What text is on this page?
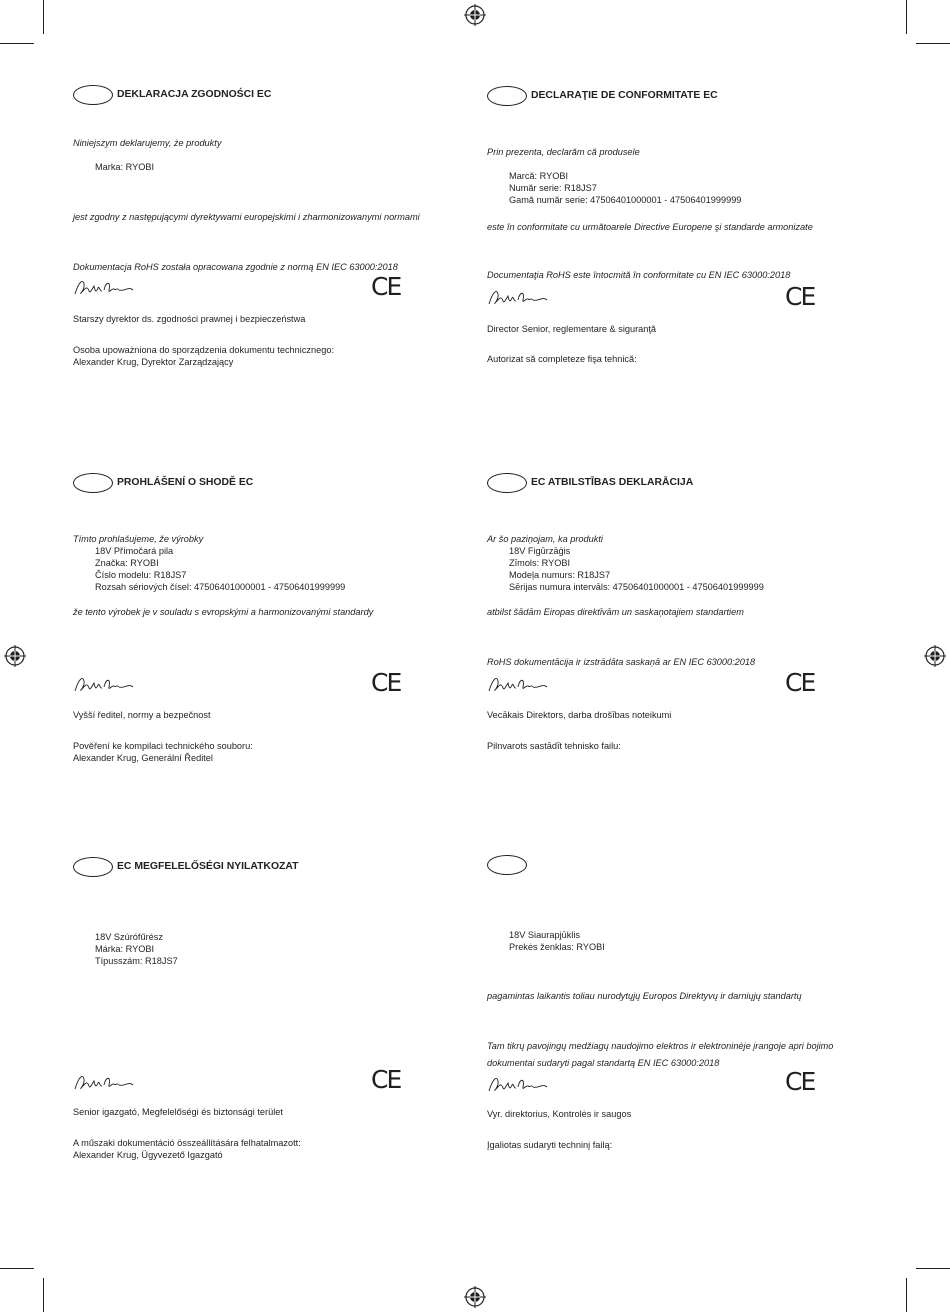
DEKLARACJA ZGODNOŚCI EC
Niniejszym deklarujemy, że produkty
Marka: RYOBI
jest zgodny z następującymi dyrektywami europejskimi i zharmonizowanymi normami
Dokumentacja RoHS została opracowana zgodnie z normą EN IEC 63000:2018
CE
Starszy dyrektor ds. zgodności prawnej i bezpieczeństwa
Osoba upoważniona do sporządzenia dokumentu technicznego:
Alexander Krug, Dyrektor Zarządzający
DECLARAŢIE DE CONFORMITATE EC
Prin prezenta, declarăm că produsele
Marcă: RYOBI
Număr serie: R18JS7
Gamă număr serie: 47506401000001 - 47506401999999
este în conformitate cu următoarele Directive Europene şi standarde armonizate
Documentaţia RoHS este întocmită în conformitate cu EN IEC 63000:2018
CE
Director Senior, reglementare & siguranţă
Autorizat să completeze fişa tehnică:
PROHLÁŠENÍ O SHODĚ EC
Tímto prohlašujeme, že výrobky
18V Přímočará pila
Značka: RYOBI
Číslo modelu: R18JS7
Rozsah sériových čísel: 47506401000001 - 47506401999999
že tento výrobek je v souladu s evropskými a harmonizovanými standardy
CE
Vyšší ředitel, normy a bezpečnost
Pověření ke kompilaci technického souboru:
Alexander Krug, Generální Ředitel
EC ATBILSTĪBAS DEKLARĀCIJA
Ar šo paziņojam, ka produkti
18V Figūrzāģis
Zīmols: RYOBI
Modeļa numurs: R18JS7
Sērijas numura intervāls: 47506401000001 - 47506401999999
atbilst šādām Eiropas direktīvām un saskaņotajiem standartiem
RoHS dokumentācija ir izstrādāta saskaņā ar EN IEC 63000:2018
CE
Vecākais Direktors, darba drošības noteikumi
Pilnvarots sastādīt tehnisko failu:
EC MEGFELELŐSÉGI NYILATKOZAT
18V Szúrófűrész
Márka: RYOBI
Típusszám: R18JS7
CE
Senior igazgató, Megfelelőségi és biztonsági terület
A műszaki dokumentáció összeállítására felhatalmazott:
Alexander Krug, Ügyvezető Igazgató
18V Siaurapjūklis
Prekės ženklas: RYOBI
pagamintas laikantis toliau nurodytųjų Europos Direktyvų ir darniųjų standartų
Tam tikrų pavojingų medžiagų naudojimo elektros ir elektroninėje įrangoje apri bojimo
dokumentai sudaryti pagal standartą EN IEC 63000:2018
CE
Vyr. direktorius, Kontrolės ir saugos
Įgaliotas sudaryti techninį failą:
